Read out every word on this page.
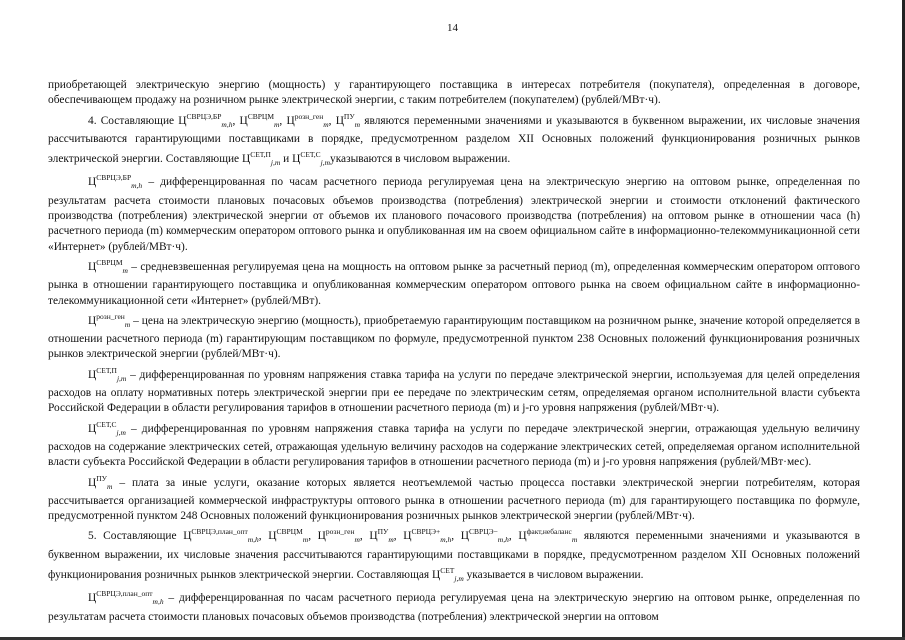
14

приобретающей электрическую энергию (мощность) у гарантирующего поставщика в интересах потребителя (покупателя), определенная в договоре, обеспечивающем продажу на розничном рынке электрической энергии, с таким потребителем (покупателем) (рублей/МВт·ч).

4. Составляющие $Ц^{СВРЦЭ,БР}_{m,h}$, $Ц^{СВРЦМ}_m$, $Ц^{розн\_ген}_m$, $Ц^{ПУ}_m$ являются переменными значениями и указываются в буквенном выражении, их числовые значения рассчитываются гарантирующими поставщиками в порядке, предусмотренном разделом XII Основных положений функционирования розничных рынков электрической энергии. Составляющие $Ц^{СЕТ,П}_{j,m}$ и $Ц^{СЕТ,С}_{j,m}указываются$ в числовом выражении.

$Ц^{СВРЦЭ,БР}_{m,h}$ – дифференцированная по часам расчетного периода регулируемая цена на электрическую энергию на оптовом рынке, определенная по результатам расчета стоимости плановых почасовых объемов производства (потребления) электрической энергии и стоимости отклонений фактического производства (потребления) электрической энергии от объемов их планового почасового производства (потребления) на оптовом рынке в отношении часа (h) расчетного периода (m) коммерческим оператором оптового рынка и опубликованная им на своем официальном сайте в информационно-телекоммуникационной сети «Интернет» (рублей/МВт·ч).

$Ц^{СВРЦМ}_m$ – средневзвешенная регулируемая цена на мощность на оптовом рынке за расчетный период (m), определенная коммерческим оператором оптового рынка в отношении гарантирующего поставщика и опубликованная коммерческим оператором оптового рынка на своем официальном сайте в информационно-телекоммуникационной сети «Интернет» (рублей/МВт).

$Ц^{розн\_ген}_m$ – цена на электрическую энергию (мощность), приобретаемую гарантирующим поставщиком на розничном рынке, значение которой определяется в отношении расчетного периода (m) гарантирующим поставщиком по формуле, предусмотренной пунктом 238 Основных положений функционирования розничных рынков электрической энергии (рублей/МВт·ч).

$Ц^{СЕТ,П}_{j,m}$ – дифференцированная по уровням напряжения ставка тарифа на услуги по передаче электрической энергии, используемая для целей определения расходов на оплату нормативных потерь электрической энергии при ее передаче по электрическим сетям, определяемая органом исполнительной власти субъекта Российской Федерации в области регулирования тарифов в отношении расчетного периода (m) и j-го уровня напряжения (рублей/МВт·ч).

$Ц^{СЕТ,С}_{j,m}$ – дифференцированная по уровням напряжения ставка тарифа на услуги по передаче электрической энергии, отражающая удельную величину расходов на содержание электрических сетей, отражающая удельную величину расходов на содержание электрических сетей, определяемая органом исполнительной власти субъекта Российской Федерации в области регулирования тарифов в отношении расчетного периода (m) и j-го уровня напряжения (рублей/МВт·мес).

$Ц^{ПУ}_m$ – плата за иные услуги, оказание которых является неотъемлемой частью процесса поставки электрической энергии потребителям, которая рассчитывается организацией коммерческой инфраструктуры оптового рынка в отношении расчетного периода (m) для гарантирующего поставщика по формуле, предусмотренной пунктом 248 Основных положений функционирования розничных рынков электрической энергии (рублей/МВт·ч).

5. Составляющие $Ц^{СВРЦЭ,план\_опт}_{m,h}$, $Ц^{СВРЦМ}_m$, $Ц^{розн\_ген}_m$, $Ц^{ПУ}_m$, $Ц^{СВРЦЭ+}_{m,h}$, $Ц^{СВРЦЭ-}_{m,h}$, $Ц^{факт,небаланс}_m$ являются переменными значениями и указываются в буквенном выражении, их числовые значения рассчитываются гарантирующими поставщиками в порядке, предусмотренном разделом XII Основных положений функционирования розничных рынков электрической энергии. Составляющая $Ц^{СЕТ}_{j,m}$ указывается в числовом выражении.

$Ц^{СВРЦЭ,план\_опт}_{m,h}$ – дифференцированная по часам расчетного периода регулируемая цена на электрическую энергию на оптовом рынке, определенная по результатам расчета стоимости плановых почасовых объемов производства (потребления) электрической энергии на оптовом
